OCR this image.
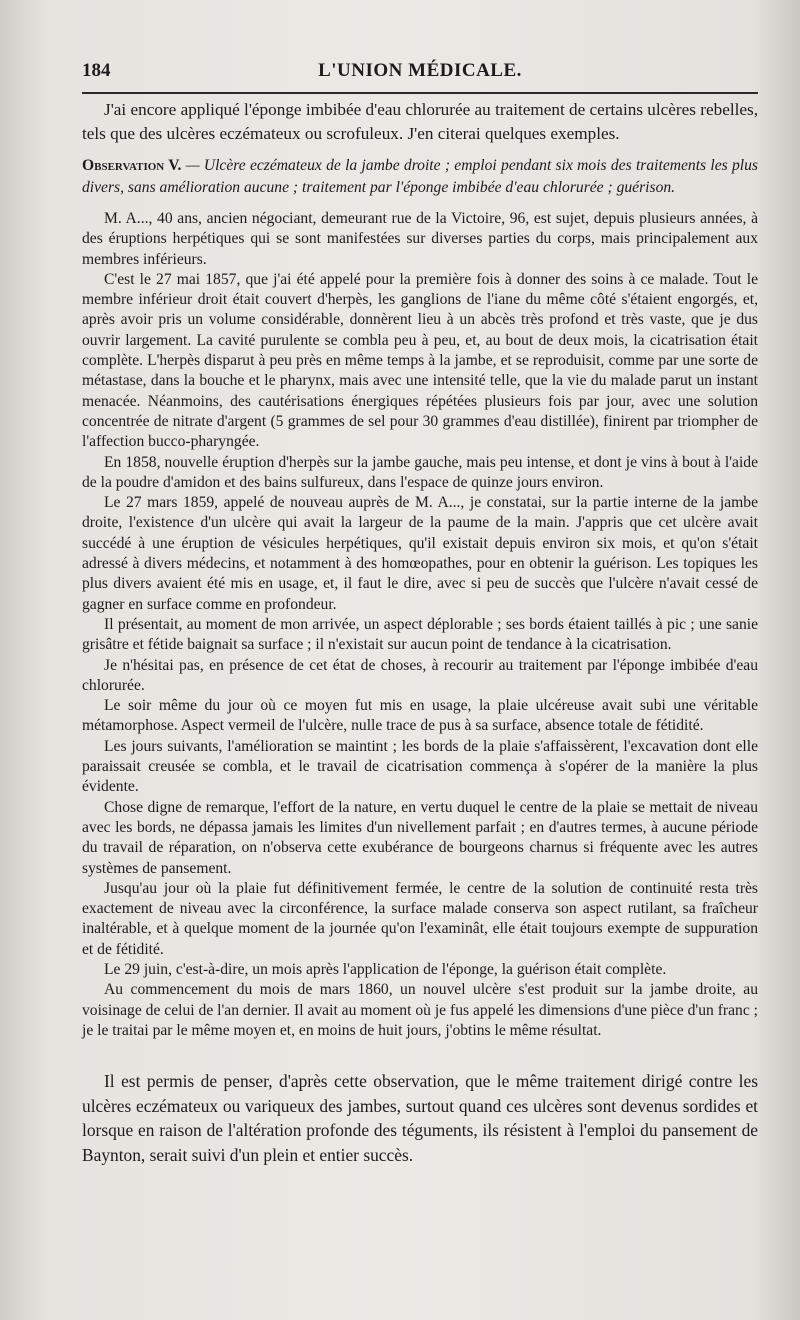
184	L'UNION MÉDICALE.

J'ai encore appliqué l'éponge imbibée d'eau chlorurée au traitement de certains ulcères rebelles, tels que des ulcères eczémateux ou scrofuleux. J'en citerai quelques exemples.

Observation V. — Ulcère eczémateux de la jambe droite ; emploi pendant six mois des traitements les plus divers, sans amélioration aucune ; traitement par l'éponge imbibée d'eau chlorurée ; guérison.

M. A..., 40 ans, ancien négociant, demeurant rue de la Victoire, 96, est sujet, depuis plusieurs années, à des éruptions herpétiques qui se sont manifestées sur diverses parties du corps, mais principalement aux membres inférieurs.

C'est le 27 mai 1857, que j'ai été appelé pour la première fois à donner des soins à ce malade. Tout le membre inférieur droit était couvert d'herpès, les ganglions de l'iane du même côté s'étaient engorgés, et, après avoir pris un volume considérable, donnèrent lieu à un abcès très profond et très vaste, que je dus ouvrir largement. La cavité purulente se combla peu à peu, et, au bout de deux mois, la cicatrisation était complète. L'herpès disparut à peu près en même temps à la jambe, et se reproduisit, comme par une sorte de métastase, dans la bouche et le pharynx, mais avec une intensité telle, que la vie du malade parut un instant menacée. Néanmoins, des cautérisations énergiques répétées plusieurs fois par jour, avec une solution concentrée de nitrate d'argent (5 grammes de sel pour 30 grammes d'eau distillée), finirent par triompher de l'affection bucco-pharyngée.

En 1858, nouvelle éruption d'herpès sur la jambe gauche, mais peu intense, et dont je vins à bout à l'aide de la poudre d'amidon et des bains sulfureux, dans l'espace de quinze jours environ.

Le 27 mars 1859, appelé de nouveau auprès de M. A..., je constatai, sur la partie interne de la jambe droite, l'existence d'un ulcère qui avait la largeur de la paume de la main. J'appris que cet ulcère avait succédé à une éruption de vésicules herpétiques, qu'il existait depuis environ six mois, et qu'on s'était adressé à divers médecins, et notamment à des homœopathes, pour en obtenir la guérison. Les topiques les plus divers avaient été mis en usage, et, il faut le dire, avec si peu de succès que l'ulcère n'avait cessé de gagner en surface comme en profondeur.

Il présentait, au moment de mon arrivée, un aspect déplorable ; ses bords étaient taillés à pic ; une sanie grisâtre et fétide baignait sa surface ; il n'existait sur aucun point de tendance à la cicatrisation.

Je n'hésitai pas, en présence de cet état de choses, à recourir au traitement par l'éponge imbibée d'eau chlorurée.

Le soir même du jour où ce moyen fut mis en usage, la plaie ulcéreuse avait subi une véritable métamorphose. Aspect vermeil de l'ulcère, nulle trace de pus à sa surface, absence totale de fétidité.

Les jours suivants, l'amélioration se maintint ; les bords de la plaie s'affaissèrent, l'excavation dont elle paraissait creusée se combla, et le travail de cicatrisation commença à s'opérer de la manière la plus évidente.

Chose digne de remarque, l'effort de la nature, en vertu duquel le centre de la plaie se mettait de niveau avec les bords, ne dépassa jamais les limites d'un nivellement parfait ; en d'autres termes, à aucune période du travail de réparation, on n'observa cette exubérance de bourgeons charnus si fréquente avec les autres systèmes de pansement.

Jusqu'au jour où la plaie fut définitivement fermée, le centre de la solution de continuité resta très exactement de niveau avec la circonférence, la surface malade conserva son aspect rutilant, sa fraîcheur inaltérable, et à quelque moment de la journée qu'on l'examinât, elle était toujours exempte de suppuration et de fétidité.

Le 29 juin, c'est-à-dire, un mois après l'application de l'éponge, la guérison était complète.

Au commencement du mois de mars 1860, un nouvel ulcère s'est produit sur la jambe droite, au voisinage de celui de l'an dernier. Il avait au moment où je fus appelé les dimensions d'une pièce d'un franc ; je le traitai par le même moyen et, en moins de huit jours, j'obtins le même résultat.

Il est permis de penser, d'après cette observation, que le même traitement dirigé contre les ulcères eczémateux ou variqueux des jambes, surtout quand ces ulcères sont devenus sordides et lorsque en raison de l'altération profonde des téguments, ils résistent à l'emploi du pansement de Baynton, serait suivi d'un plein et entier succès.
